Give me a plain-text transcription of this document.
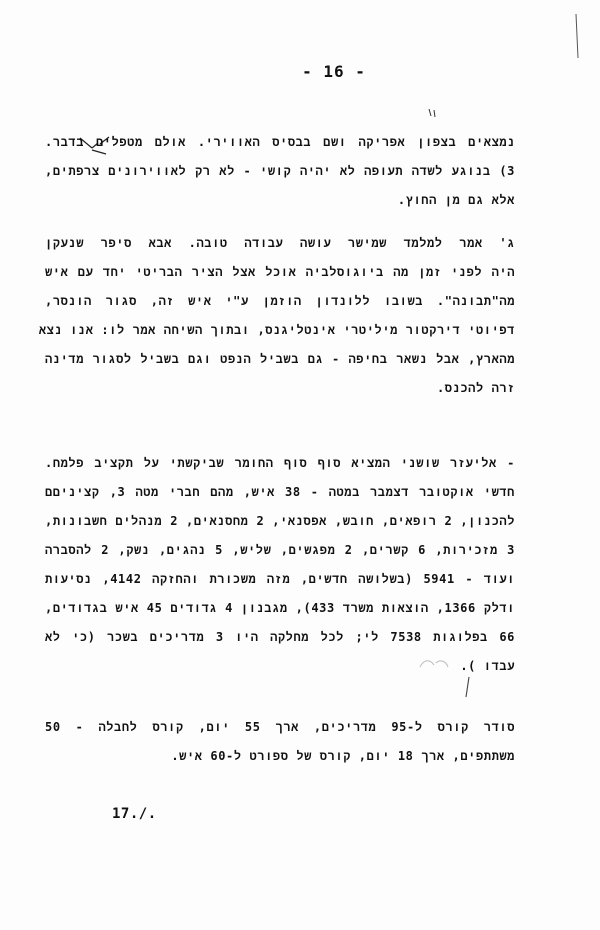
- 16 -
נמצאים בצפון אפריקה ושם בבסיס האווירי. אולם מטפלים בדבר.
3) בנוגע לשדה תעופה לא יהיה קושי - לא רק לאווירונים צרפתים,
אלא גם מן החוץ.
ג' אמר למלמד שמישר עושה עבודה טובה. אבא סיפר שנעקן
היה לפני זמן מה ביוגוסלביה אוכל אצל הציר הבריטי יחד עם איש
מה"תבונה". בשובו ללונדון הוזמן ע"י איש זה, סגור הונסר,
דפיוטי דירקטור מיליטרי אינטליגנס, ובתוך השיחה אמר לו: אנו נצא
מהארץ, אבל נשאר בחיפה - גם בשביל הנפט וגם בשביל לסגור מדינה
זרה להכנס.
- אליעזר שושני המציא סוף סוף החומר שביקשתי על תקציב פלמח.
חדשי אוקטובר דצמבר במטה - 38 איש, מהם חברי מטה 3, קציניםם
להכנון, 2 רופאים, חובש, אפסנאי, 2 מחסנאים, 2 מנהלים חשבונות,
3 מזכירות, 6 קשרים, 2 מפגשים, שליש, 5 נהגים, נשק, 2 להסברה
ועוד - 5941 (בשלושה חדשים, מזה משכורת והחזקה 4142, נסיעות
ודלק 1366, הוצאות משרד 433), מגבנון 4 גדודים 45 איש בגדודים,
66 בפלוגות 7538 לי; לכל מחלקה היו 3 מדריכים בשכר (כי לא
עבדו ).
סודר קורס ל-95 מדריכים, ארך 55 יום, קורס לחבלה - 50
משתתפים, ארך 18 יום, קורס של ספורט ל-60 איש.
17./.
